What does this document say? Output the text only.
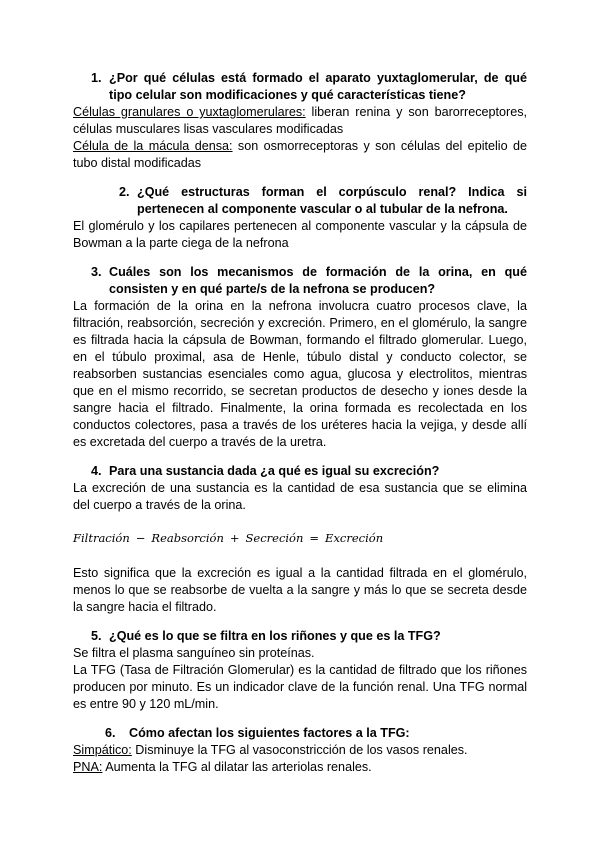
1. ¿Por qué células está formado el aparato yuxtaglomerular, de qué tipo celular son modificaciones y qué características tiene?

Células granulares o yuxtaglomerulares: liberan renina y son barorreceptores, células musculares lisas vasculares modificadas

Célula de la mácula densa: son osmorreceptoras y son células del epitelio de tubo distal modificadas

2. ¿Qué estructuras forman el corpúsculo renal? Indica si pertenecen al componente vascular o al tubular de la nefrona.

El glomérulo y los capilares pertenecen al componente vascular y la cápsula de Bowman a la parte ciega de la nefrona

3. Cuáles son los mecanismos de formación de la orina, en qué consisten y en qué parte/s de la nefrona se producen?

La formación de la orina en la nefrona involucra cuatro procesos clave, la filtración, reabsorción, secreción y excreción. Primero, en el glomérulo, la sangre es filtrada hacia la cápsula de Bowman, formando el filtrado glomerular. Luego, en el túbulo proximal, asa de Henle, túbulo distal y conducto colector, se reabsorben sustancias esenciales como agua, glucosa y electrolitos, mientras que en el mismo recorrido, se secretan productos de desecho y iones desde la sangre hacia el filtrado. Finalmente, la orina formada es recolectada en los conductos colectores, pasa a través de los uréteres hacia la vejiga, y desde allí es excretada del cuerpo a través de la uretra.

4. Para una sustancia dada ¿a qué es igual su excreción?

La excreción de una sustancia es la cantidad de esa sustancia que se elimina del cuerpo a través de la orina.

Filtración − Reabsorción + Secreción = Excreción

Esto significa que la excreción es igual a la cantidad filtrada en el glomérulo, menos lo que se reabsorbe de vuelta a la sangre y más lo que se secreta desde la sangre hacia el filtrado.

5. ¿Qué es lo que se filtra en los riñones y que es la TFG?

Se filtra el plasma sanguíneo sin proteínas.

La TFG (Tasa de Filtración Glomerular) es la cantidad de filtrado que los riñones producen por minuto. Es un indicador clave de la función renal. Una TFG normal es entre 90 y 120 mL/min.

6.	Cómo afectan los siguientes factores a la TFG:

Simpático: Disminuye la TFG al vasoconstricción de los vasos renales.

PNA: Aumenta la TFG al dilatar las arteriolas renales.
